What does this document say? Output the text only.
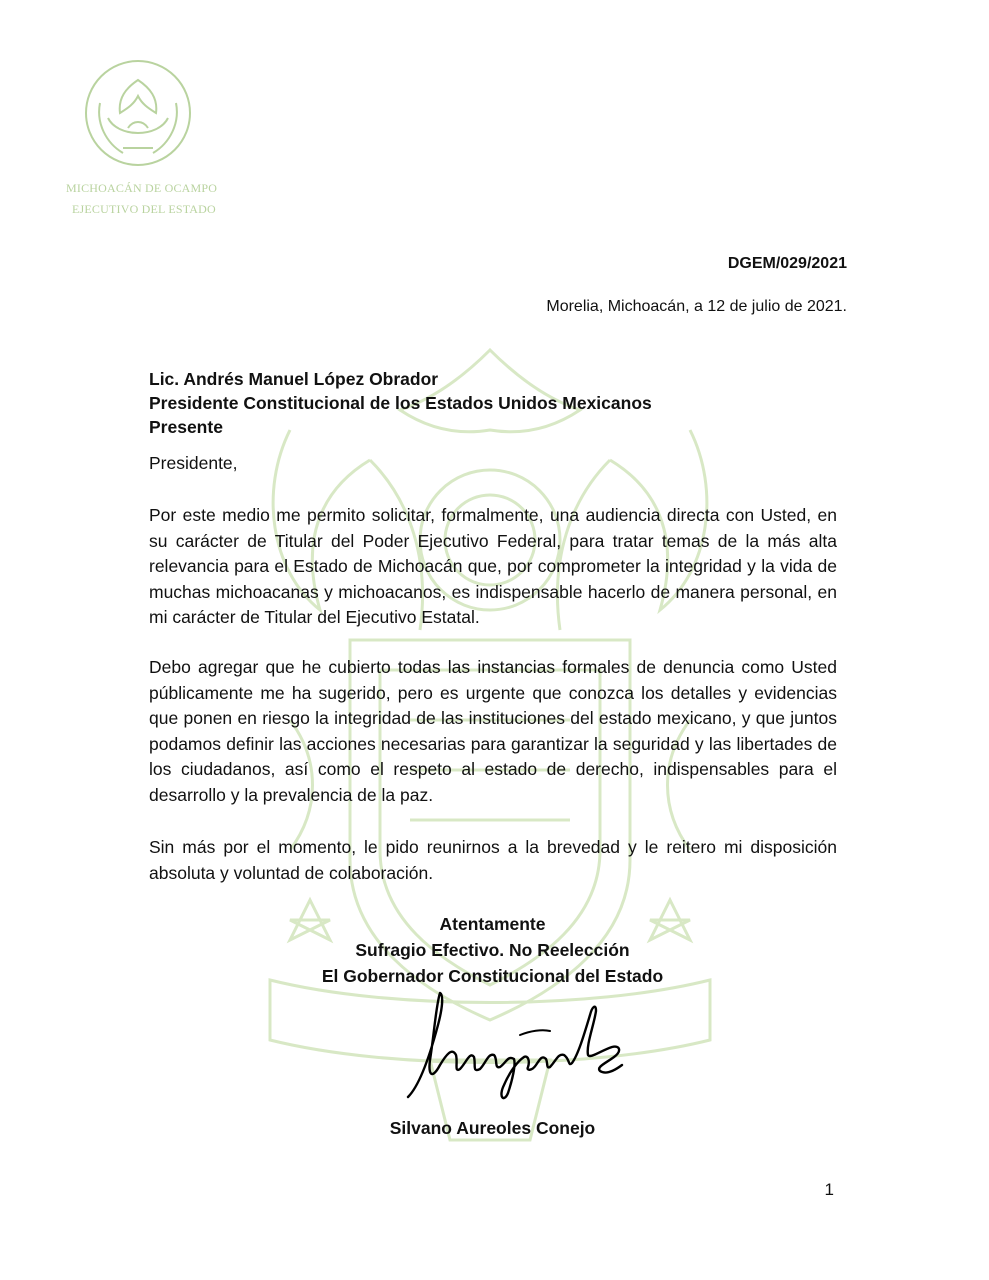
MICHOACÁN DE OCAMPO
EJECUTIVO DEL ESTADO
DGEM/029/2021
Morelia, Michoacán, a 12 de julio de 2021.
Lic. Andrés Manuel López Obrador
Presidente Constitucional de los Estados Unidos Mexicanos
Presente
Presidente,

Por este medio me permito solicitar, formalmente, una audiencia directa con Usted, en su carácter de Titular del Poder Ejecutivo Federal, para tratar temas de la más alta relevancia para el Estado de Michoacán que, por comprometer la integridad y la vida de muchas michoacanas y michoacanos, es indispensable hacerlo de manera personal, en mi carácter de Titular del Ejecutivo Estatal.

Debo agregar que he cubierto todas las instancias formales de denuncia como Usted públicamente me ha sugerido, pero es urgente que conozca los detalles y evidencias que ponen en riesgo la integridad de las instituciones del estado mexicano, y que juntos podamos definir las acciones necesarias para garantizar la seguridad y las libertades de los ciudadanos, así como el respeto al estado de derecho, indispensables para el desarrollo y la prevalencia de la paz.

Sin más por el momento, le pido reunirnos a la brevedad y le reitero mi disposición absoluta y voluntad de colaboración.

Atentamente
Sufragio Efectivo. No Reelección
El Gobernador Constitucional del Estado
Silvano Aureoles Conejo
1
